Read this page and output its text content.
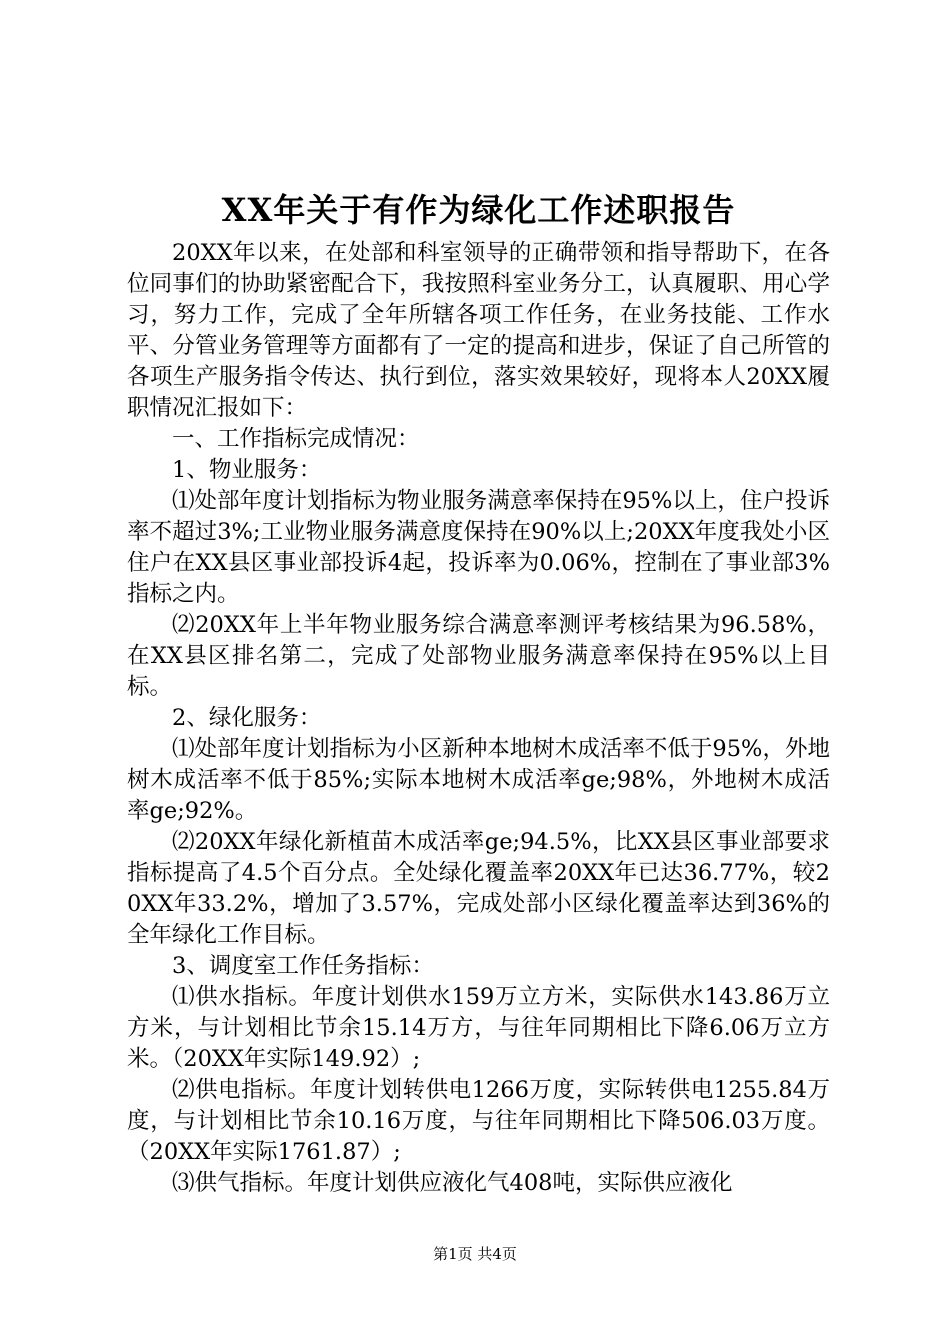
XX年关于有作为绿化工作述职报告

20XX年以来，在处部和科室领导的正确带领和指导帮助下，在各位同事们的协助紧密配合下，我按照科室业务分工，认真履职、用心学习，努力工作，完成了全年所辖各项工作任务，在业务技能、工作水平、分管业务管理等方面都有了一定的提高和进步，保证了自己所管的各项生产服务指令传达、执行到位，落实效果较好，现将本人20XX履职情况汇报如下：

一、工作指标完成情况：

1、物业服务：

⑴处部年度计划指标为物业服务满意率保持在95%以上，住户投诉率不超过3%;工业物业服务满意度保持在90%以上;20XX年度我处小区住户在XX县区事业部投诉4起，投诉率为0.06%，控制在了事业部3%指标之内。

⑵20XX年上半年物业服务综合满意率测评考核结果为96.58%，在XX县区排名第二，完成了处部物业服务满意率保持在95%以上目标。

2、绿化服务：

⑴处部年度计划指标为小区新种本地树木成活率不低于95%，外地树木成活率不低于85%;实际本地树木成活率ge;98%，外地树木成活率ge;92%。

⑵20XX年绿化新植苗木成活率ge;94.5%，比XX县区事业部要求指标提高了4.5个百分点。全处绿化覆盖率20XX年已达36.77%，较20XX年33.2%，增加了3.57%，完成处部小区绿化覆盖率达到36%的全年绿化工作目标。

3、调度室工作任务指标：

⑴供水指标。年度计划供水159万立方米，实际供水143.86万立方米，与计划相比节余15.14万方，与往年同期相比下降6.06万立方米。（20XX年实际149.92）;

⑵供电指标。年度计划转供电1266万度，实际转供电1255.84万度，与计划相比节余10.16万度，与往年同期相比下降506.03万度。（20XX年实际1761.87）;

⑶供气指标。年度计划供应液化气408吨，实际供应液化

第1页 共4页
